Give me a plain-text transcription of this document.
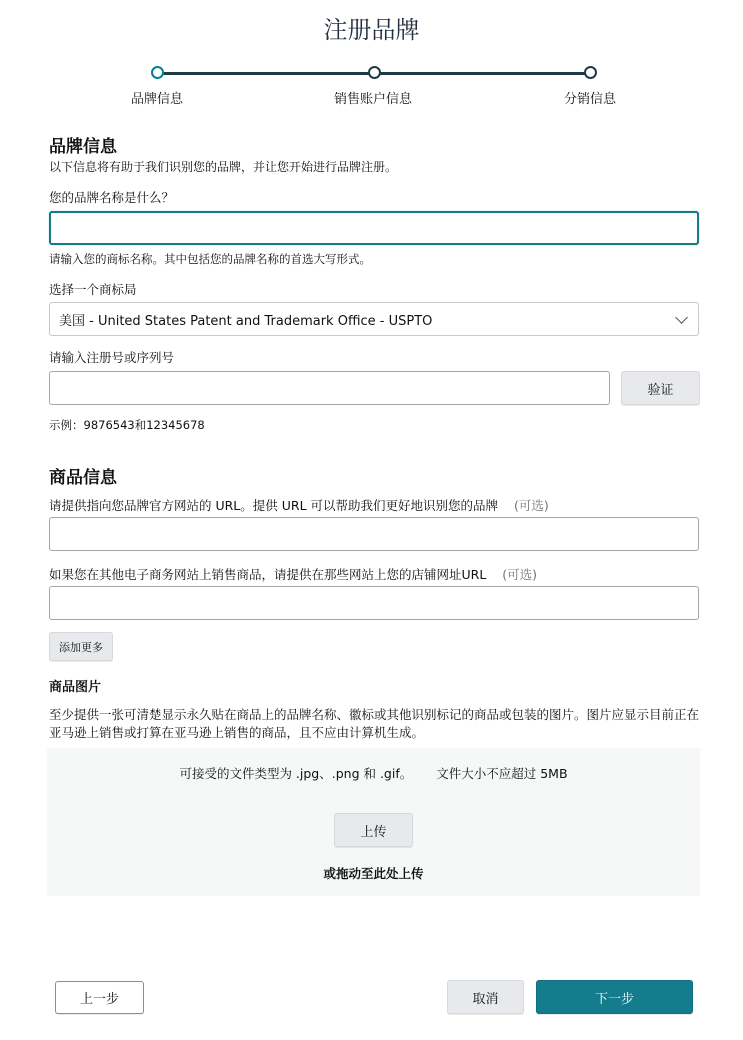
注册品牌
品牌信息	销售账户信息	分销信息
品牌信息
以下信息将有助于我们识别您的品牌，并让您开始进行品牌注册。
您的品牌名称是什么？
请输入您的商标名称。其中包括您的品牌名称的首选大写形式。
选择一个商标局
美国 - United States Patent and Trademark Office - USPTO
请输入注册号或序列号
验证
示例：9876543和12345678
商品信息
请提供指向您品牌官方网站的 URL。提供 URL 可以帮助我们更好地识别您的品牌 (可选)
如果您在其他电子商务网站上销售商品，请提供在那些网站上您的店铺网址URL (可选)
添加更多
商品图片
至少提供一张可清楚显示永久贴在商品上的品牌名称、徽标或其他识别标记的商品或包装的图片。图片应显示目前正在亚马逊上销售或打算在亚马逊上销售的商品，且不应由计算机生成。
可接受的文件类型为 .jpg、.png 和 .gif。 文件大小不应超过 5MB
上传
或拖动至此处上传
上一步	取消	下一步
